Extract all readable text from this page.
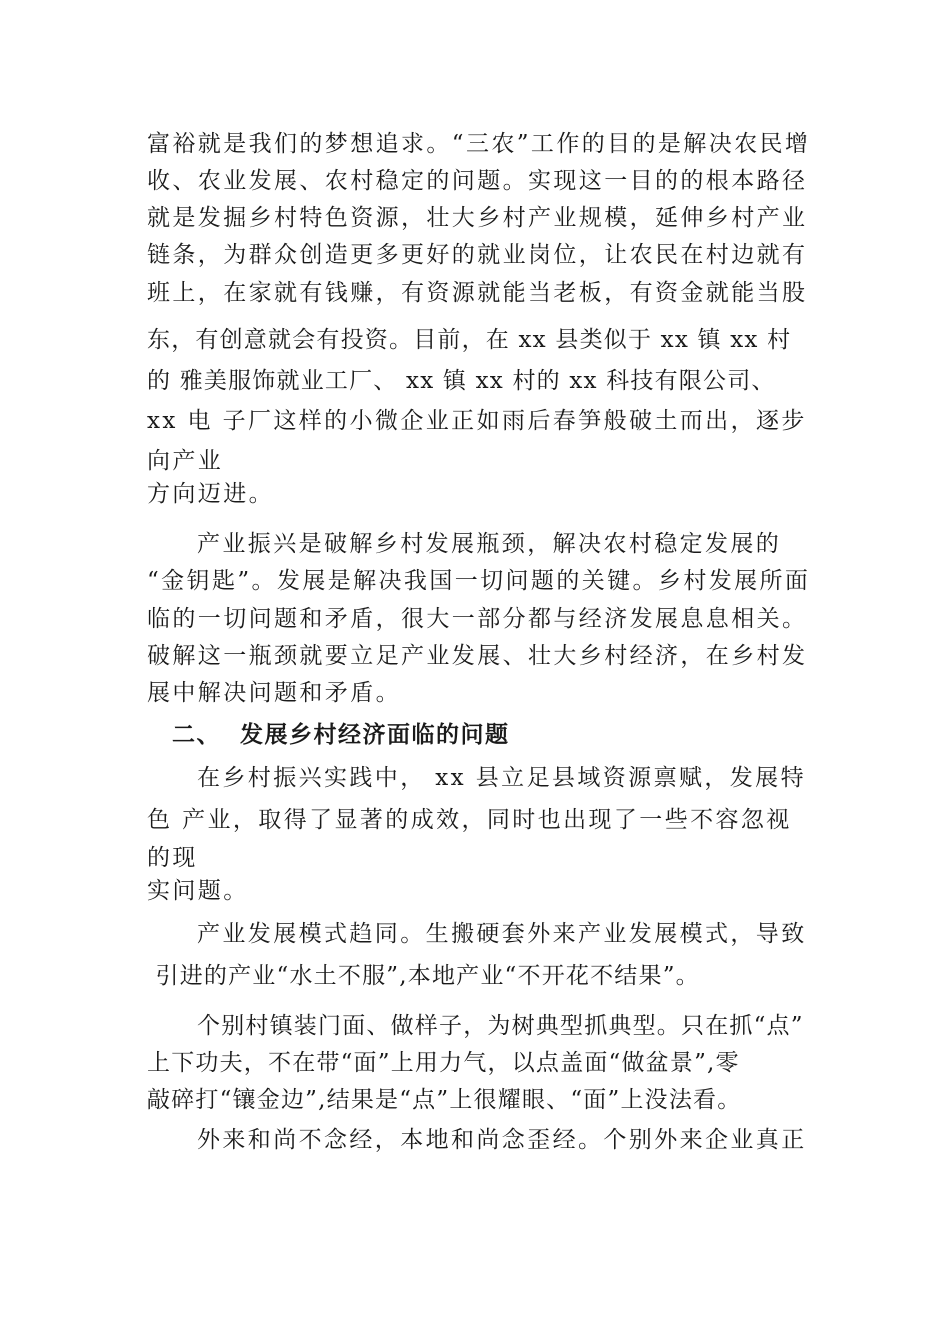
富裕就是我们的梦想追求。“三农”工作的目的是解决农民增
收、农业发展、农村稳定的问题。实现这一目的的根本路径
就是发掘乡村特色资源，壮大乡村产业规模，延伸乡村产业
链条，为群众创造更多更好的就业岗位，让农民在村边就有
班上，在家就有钱赚，有资源就能当老板，有资金就能当股
东，有创意就会有投资。目前，在 xx 县类似于 xx 镇 xx 村
的 雅美服饰就业工厂、 xx 镇 xx 村的 xx 科技有限公司、
xx 电 子厂这样的小微企业正如雨后春笋般破土而出，逐步
向产业
方向迈进。
产业振兴是破解乡村发展瓶颈，解决农村稳定发展的
“金钥匙”。发展是解决我国一切问题的关键。乡村发展所面
临的一切问题和矛盾，很大一部分都与经济发展息息相关。
破解这一瓶颈就要立足产业发展、壮大乡村经济，在乡村发
展中解决问题和矛盾。
二、  发展乡村经济面临的问题
在乡村振兴实践中， xx 县立足县域资源禀赋，发展特
色 产业，取得了显著的成效，同时也出现了一些不容忽视
的现
实问题。
产业发展模式趋同。生搬硬套外来产业发展模式，导致
引进的产业“水土不服”,本地产业“不开花不结果”。
个别村镇装门面、做样子，为树典型抓典型。只在抓“点”
上下功夫，不在带“面”上用力气，以点盖面“做盆景”,零
敲碎打“镶金边”,结果是“点”上很耀眼、“面”上没法看。
外来和尚不念经，本地和尚念歪经。个别外来企业真正
